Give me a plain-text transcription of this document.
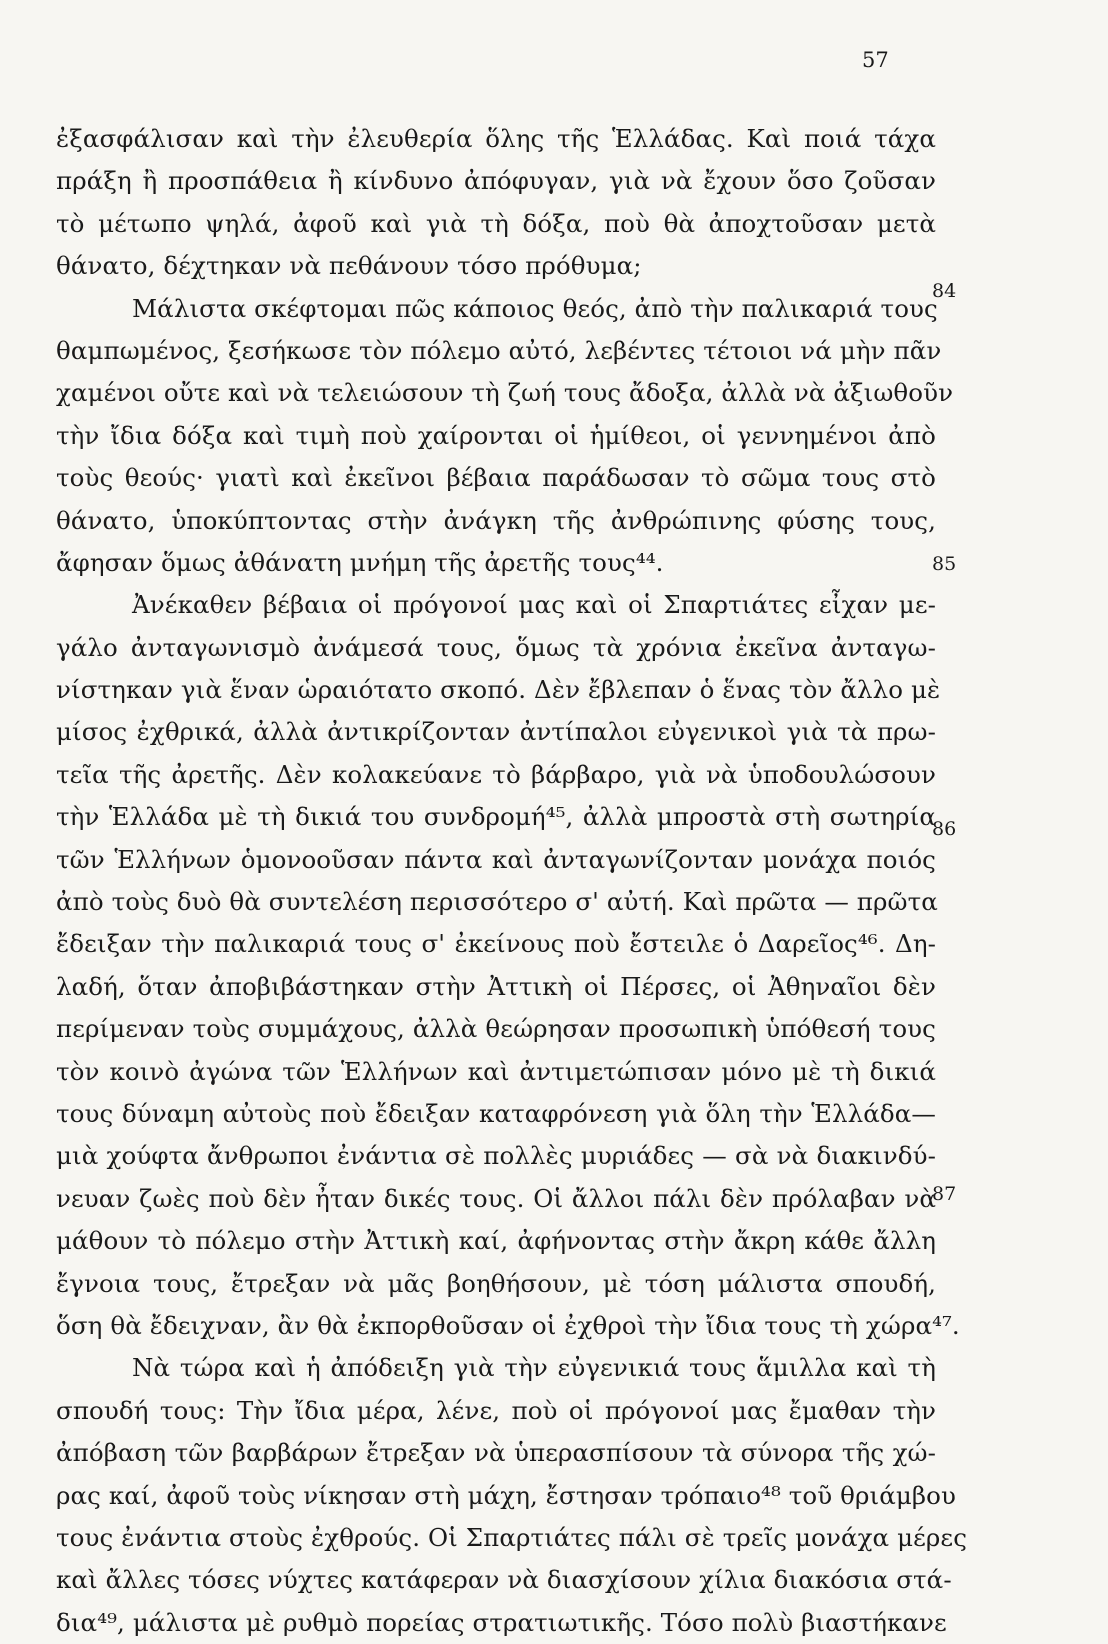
57
ἐξασφάλισαν καὶ τὴν ἐλευθερία ὅλης τῆς Ἑλλάδας. Καὶ ποιά τάχα
πράξη ἢ προσπάθεια ἢ κίνδυνο ἀπόφυγαν, γιὰ νὰ ἔχουν ὅσο ζοῦσαν
τὸ μέτωπο ψηλά, ἀφοῦ καὶ γιὰ τὴ δόξα, ποὺ θὰ ἀποχτοῦσαν μετὰ
θάνατο, δέχτηκαν νὰ πεθάνουν τόσο πρόθυμα;
Μάλιστα σκέφτομαι πῶς κάποιος θεός, ἀπὸ τὴν παλικαριά τους
θαμπωμένος, ξεσήκωσε τὸν πόλεμο αὐτό, λεβέντες τέτοιοι νά μὴν πᾶν
χαμένοι οὔτε καὶ νὰ τελειώσουν τὴ ζωή τους ἄδοξα, ἀλλὰ νὰ ἀξιωθοῦν
τὴν ἴδια δόξα καὶ τιμὴ ποὺ χαίρονται οἱ ἡμίθεοι, οἱ γεννημένοι ἀπὸ
τοὺς θεούς· γιατὶ καὶ ἐκεῖνοι βέβαια παράδωσαν τὸ σῶμα τους στὸ
θάνατο, ὑποκύπτοντας στὴν ἀνάγκη τῆς ἀνθρώπινης φύσης τους,
ἄφησαν ὅμως ἀθάνατη μνήμη τῆς ἀρετῆς τους⁴⁴.
Ἀνέκαθεν βέβαια οἱ πρόγονοί μας καὶ οἱ Σπαρτιάτες εἶχαν με-
γάλο ἀνταγωνισμὸ ἀνάμεσά τους, ὅμως τὰ χρόνια ἐκεῖνα ἀνταγω-
νίστηκαν γιὰ ἕναν ὡραιότατο σκοπό. Δὲν ἔβλεπαν ὁ ἕνας τὸν ἄλλο μὲ
μίσος ἐχθρικά, ἀλλὰ ἀντικρίζονταν ἀντίπαλοι εὐγενικοὶ γιὰ τὰ πρω-
τεῖα τῆς ἀρετῆς. Δὲν κολακεύανε τὸ βάρβαρο, γιὰ νὰ ὑποδουλώσουν
τὴν Ἑλλάδα μὲ τὴ δικιά του συνδρομή⁴⁵, ἀλλὰ μπροστὰ στὴ σωτηρία
τῶν Ἑλλήνων ὁμονοοῦσαν πάντα καὶ ἀνταγωνίζονταν μονάχα ποιός
ἀπὸ τοὺς δυὸ θὰ συντελέση περισσότερο σ' αὐτή. Καὶ πρῶτα — πρῶτα
ἔδειξαν τὴν παλικαριά τους σ' ἐκείνους ποὺ ἔστειλε ὁ Δαρεῖος⁴⁶. Δη-
λαδή, ὅταν ἀποβιβάστηκαν στὴν Ἀττικὴ οἱ Πέρσες, οἱ Ἀθηναῖοι δὲν
περίμεναν τοὺς συμμάχους, ἀλλὰ θεώρησαν προσωπικὴ ὑπόθεσή τους
τὸν κοινὸ ἀγώνα τῶν Ἑλλήνων καὶ ἀντιμετώπισαν μόνο μὲ τὴ δικιά
τους δύναμη αὐτοὺς ποὺ ἔδειξαν καταφρόνεση γιὰ ὅλη τὴν Ἑλλάδα—
μιὰ χούφτα ἄνθρωποι ἐνάντια σὲ πολλὲς μυριάδες — σὰ νὰ διακινδύ-
νευαν ζωὲς ποὺ δὲν ἦταν δικές τους. Οἱ ἄλλοι πάλι δὲν πρόλαβαν νὰ
μάθουν τὸ πόλεμο στὴν Ἀττικὴ καί, ἀφήνοντας στὴν ἄκρη κάθε ἄλλη
ἔγνοια τους, ἔτρεξαν νὰ μᾶς βοηθήσουν, μὲ τόση μάλιστα σπουδή,
ὅση θὰ ἔδειχναν, ἂν θὰ ἐκπορθοῦσαν οἱ ἐχθροὶ τὴν ἴδια τους τὴ χώρα⁴⁷.
Νὰ τώρα καὶ ἡ ἀπόδειξη γιὰ τὴν εὐγενικιά τους ἅμιλλα καὶ τὴ
σπουδή τους: Τὴν ἴδια μέρα, λένε, ποὺ οἱ πρόγονοί μας ἔμαθαν τὴν
ἀπόβαση τῶν βαρβάρων ἔτρεξαν νὰ ὑπερασπίσουν τὰ σύνορα τῆς χώ-
ρας καί, ἀφοῦ τοὺς νίκησαν στὴ μάχη, ἔστησαν τρόπαιο⁴⁸ τοῦ θριάμβου
τους ἐνάντια στοὺς ἐχθρούς. Οἱ Σπαρτιάτες πάλι σὲ τρεῖς μονάχα μέρες
καὶ ἄλλες τόσες νύχτες κατάφεραν νὰ διασχίσουν χίλια διακόσια στά-
δια⁴⁹, μάλιστα μὲ ρυθμὸ πορείας στρατιωτικῆς. Τόσο πολὺ βιαστήκανε
84
85
86
87
